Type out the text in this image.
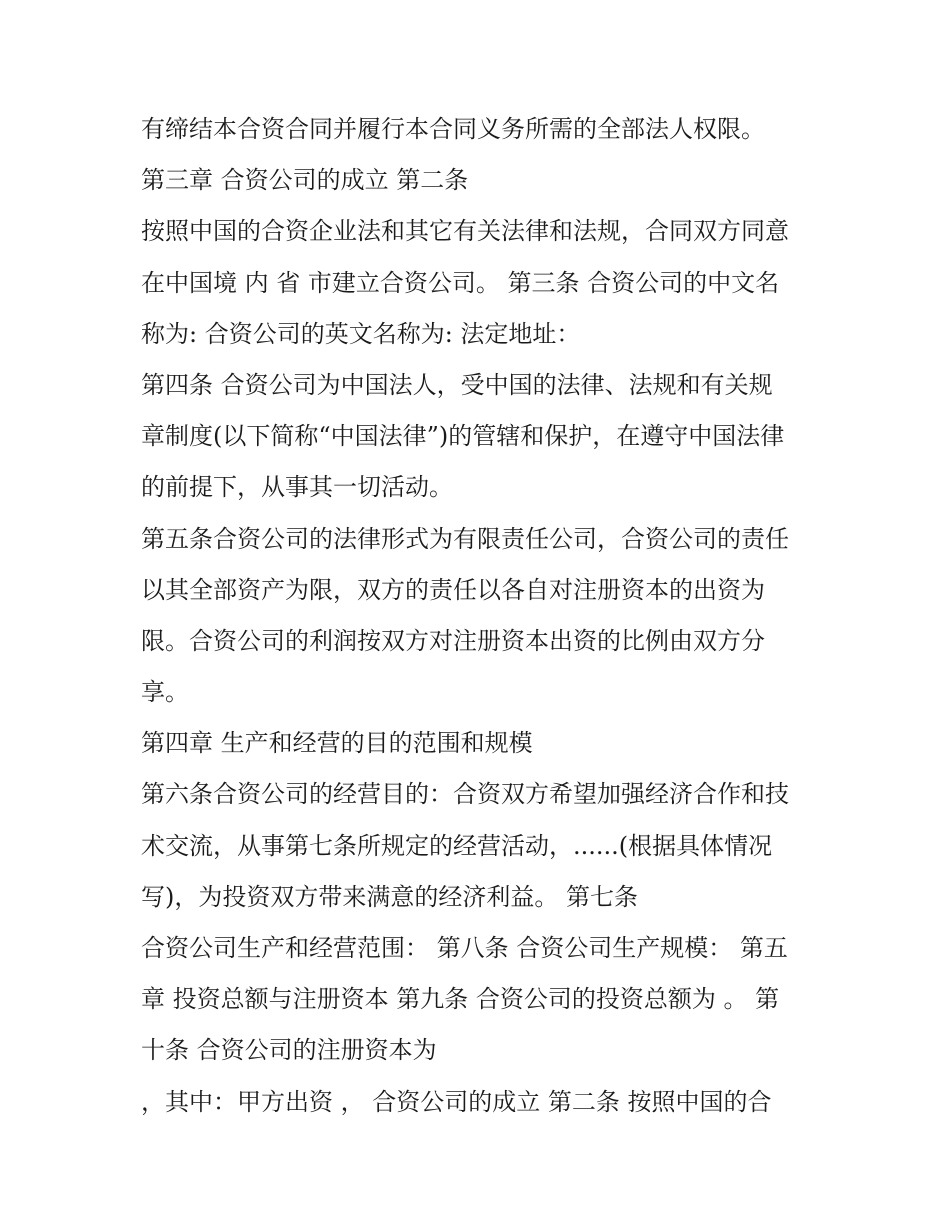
有缔结本合资合同并履行本合同义务所需的全部法人权限。
第三章 合资公司的成立 第二条
按照中国的合资企业法和其它有关法律和法规，合同双方同意
在中国境 内 省 市建立合资公司。 第三条 合资公司的中文名
称为: 合资公司的英文名称为: 法定地址：
第四条 合资公司为中国法人，受中国的法律、法规和有关规
章制度(以下简称“中国法律”)的管辖和保护，在遵守中国法律
的前提下，从事其一切活动。
第五条合资公司的法律形式为有限责任公司，合资公司的责任
以其全部资产为限，双方的责任以各自对注册资本的出资为
限。合资公司的利润按双方对注册资本出资的比例由双方分
享。
第四章 生产和经营的目的范围和规模
第六条合资公司的经营目的：合资双方希望加强经济合作和技
术交流，从事第七条所规定的经营活动，......(根据具体情况
写)，为投资双方带来满意的经济利益。 第七条
合资公司生产和经营范围： 第八条 合资公司生产规模： 第五
章 投资总额与注册资本 第九条 合资公司的投资总额为 。 第
十条 合资公司的注册资本为
，其中：甲方出资 ， 合资公司的成立 第二条 按照中国的合
